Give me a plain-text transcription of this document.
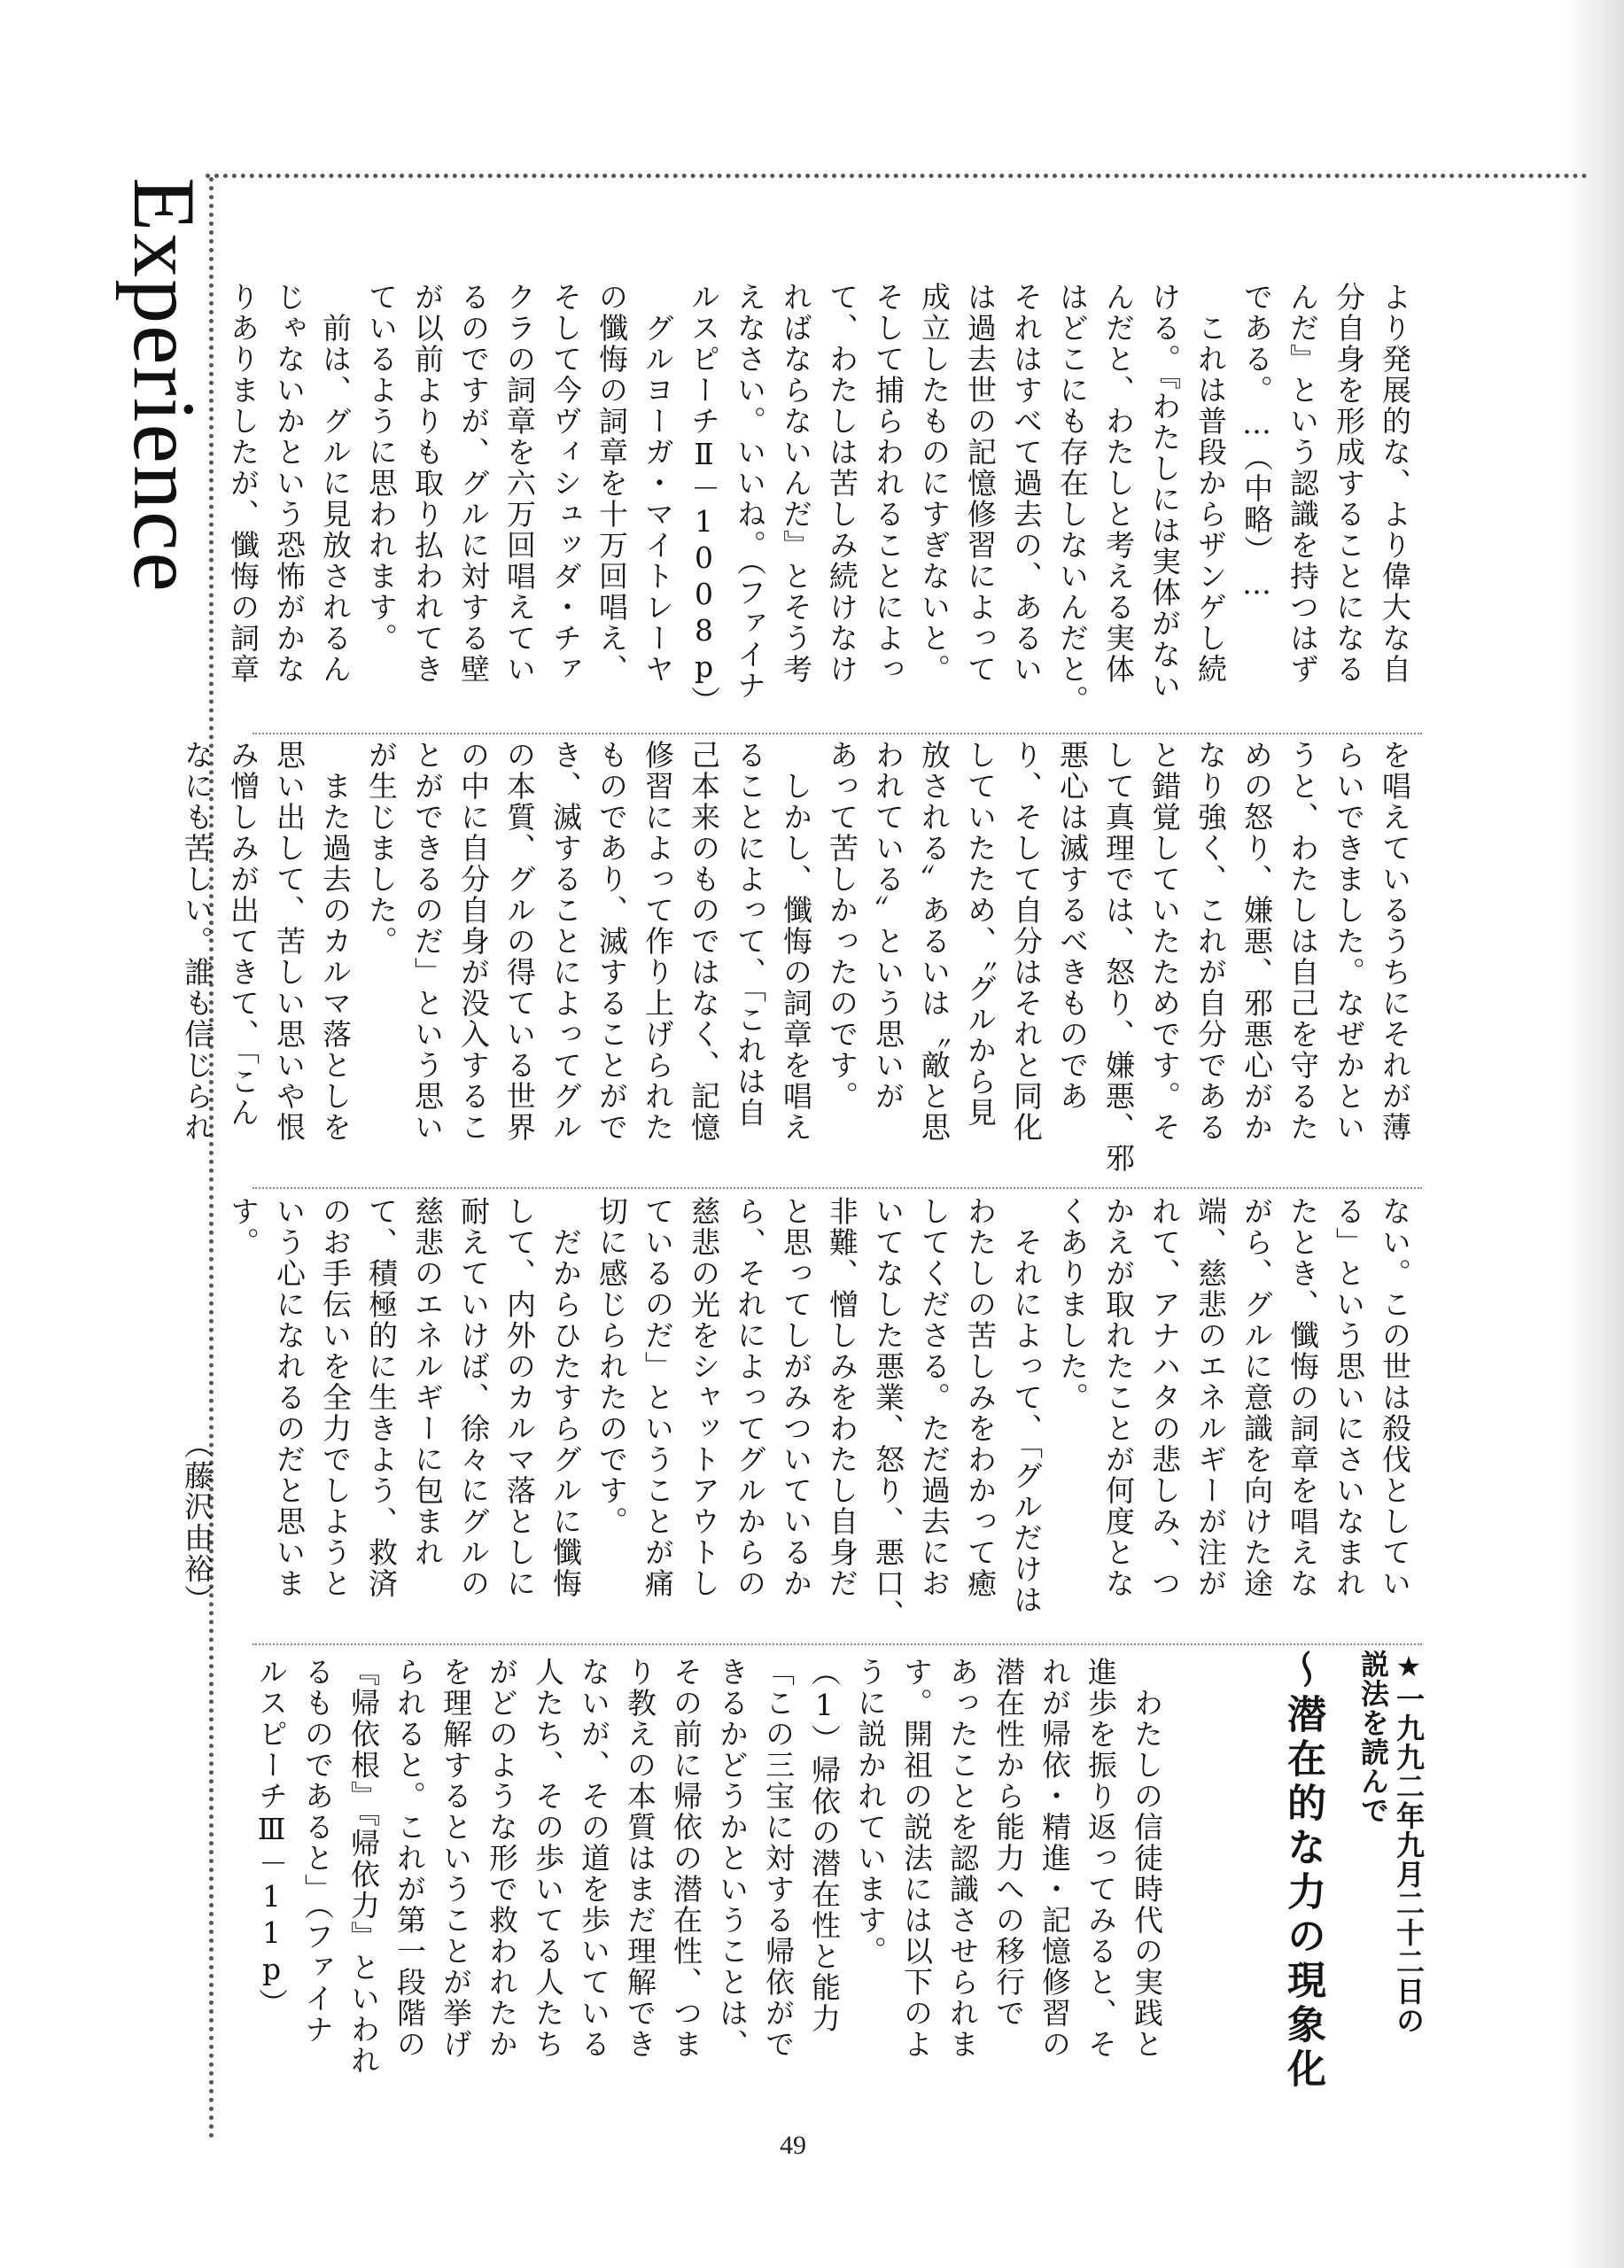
Experience	より発展的な、より偉大な自

分自身を形成することになる

んだ』という認識を持つはず

である。…（中略）…

　これは普段からザンゲし続

ける。『わたしには実体がない

んだと、わたしと考える実体

はどこにも存在しないんだと。

それはすべて過去の、あるい

は過去世の記憶修習によって

成立したものにすぎないと。

そして捕らわれることによっ

て、わたしは苦しみ続けなけ

ればならないんだ』とそう考

えなさい。いいね。（ファイナ

ルスピーチⅡ－1008p）

　グルヨーガ・マイトレーヤ

の懺悔の詞章を十万回唱え、

そして今ヴィシュッダ・チァ

クラの詞章を六万回唱えてい

るのですが、グルに対する壁

が以前よりも取り払われてき

ているように思われます。

　前は、グルに見放されるん

じゃないかという恐怖がかな

りありましたが、懺悔の詞章

を唱えているうちにそれが薄

らいできました。なぜかとい

うと、わたしは自己を守るた

めの怒り、嫌悪、邪悪心がか

なり強く、これが自分である

と錯覚していたためです。そ

して真理では、怒り、嫌悪、邪

悪心は滅するべきものであ

り、そして自分はそれと同化

していたため、〝グルから見

放される〟あるいは〝敵と思

われている〟という思いが

あって苦しかったのです。

　しかし、懺悔の詞章を唱え

ることによって、「これは自

己本来のものではなく、記憶

修習によって作り上げられた

ものであり、滅することがで

き、滅することによってグル

の本質、グルの得ている世界

の中に自分自身が没入するこ

とができるのだ」という思い

が生じました。

　また過去のカルマ落としを

思い出して、苦しい思いや恨

み憎しみが出てきて、「こん

なにも苦しい。誰も信じられ

ない。この世は殺伐としてい

る」という思いにさいなまれ

たとき、懺悔の詞章を唱えな

がら、グルに意識を向けた途

端、慈悲のエネルギーが注が

れて、アナハタの悲しみ、つ

かえが取れたことが何度とな

くありました。

　それによって、「グルだけは

わたしの苦しみをわかって癒

してくださる。ただ過去にお

いてなした悪業、怒り、悪口、

非難、憎しみをわたし自身だ

と思ってしがみついているか

ら、それによってグルからの

慈悲の光をシャットアウトし

ているのだ」ということが痛

切に感じられたのです。

　だからひたすらグルに懺悔

して、内外のカルマ落としに

耐えていけば、徐々にグルの

慈悲のエネルギーに包まれ

て、積極的に生きよう、救済

のお手伝いを全力でしようと

いう心になれるのだと思いま

す。

　　　　　　　　（藤沢由裕）

★一九九二年九月二十二日の
説法を読んで
～潜在的な力の現象化

　わたしの信徒時代の実践と

進歩を振り返ってみると、そ

れが帰依・精進・記憶修習の

潜在性から能力への移行で

あったことを認識させられま

す。開祖の説法には以下のよ

うに説かれています。

（1）帰依の潜在性と能力

「この三宝に対する帰依がで

きるかどうかということは、

その前に帰依の潜在性、つま

り教えの本質はまだ理解でき

ないが、その道を歩いている

人たち、その歩いてる人たち

がどのような形で救われたか

を理解するということが挙げ

られると。これが第一段階の

『帰依根』『帰依力』といわれ

るものであると」（ファイナ

ルスピーチⅢ－11p）

49
